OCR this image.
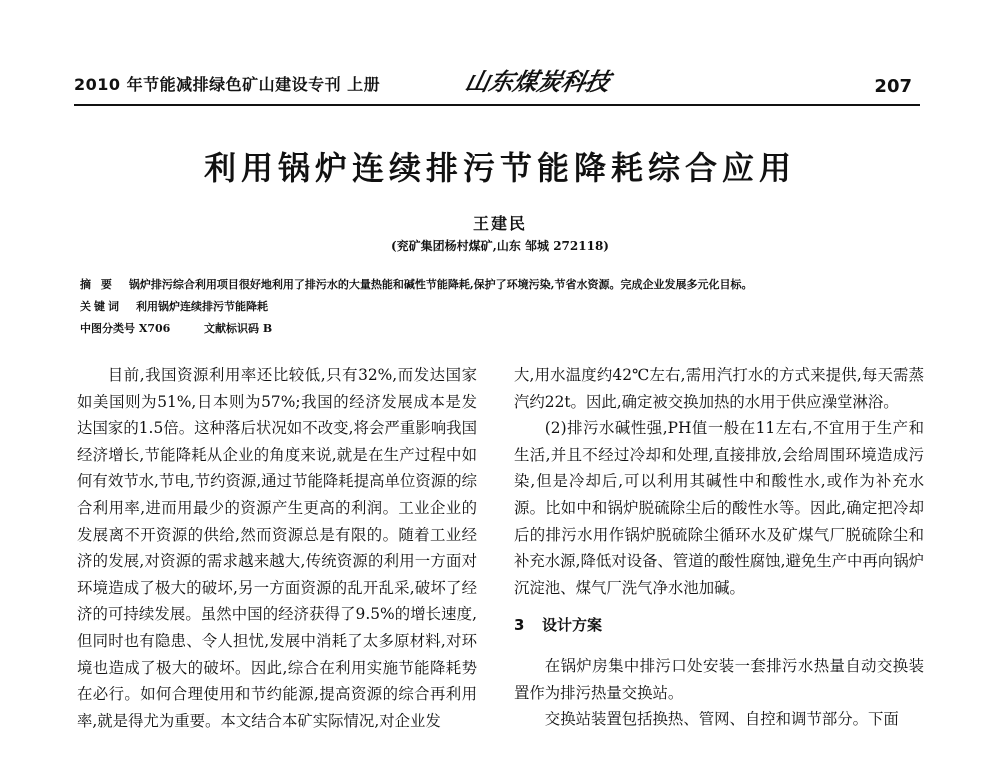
2010 年节能减排绿色矿山建设专刊 上册	山东煤炭科技	207
利用锅炉连续排污节能降耗综合应用
王建民
(兖矿集团杨村煤矿,山东 邹城 272118)
摘 要 锅炉排污综合利用项目很好地利用了排污水的大量热能和碱性节能降耗,保护了环境污染,节省水资源。完成企业发展多元化目标。
关键词 利用锅炉连续排污节能降耗
中图分类号 X706	文献标识码 B

目前,我国资源利用率还比较低,只有32%,而发达国家如美国则为51%,日本则为57%;我国的经济发展成本是发达国家的1.5倍。这种落后状况如不改变,将会严重影响我国经济增长,节能降耗从企业的角度来说,就是在生产过程中如何有效节水,节电,节约资源,通过节能降耗提高单位资源的综合利用率,进而用最少的资源产生更高的利润。工业企业的发展离不开资源的供给,然而资源总是有限的。随着工业经济的发展,对资源的需求越来越大,传统资源的利用一方面对环境造成了极大的破坏,另一方面资源的乱开乱采,破坏了经济的可持续发展。虽然中国的经济获得了9.5%的增长速度,但同时也有隐患、令人担忧,发展中消耗了太多原材料,对环境也造成了极大的破坏。因此,综合在利用实施节能降耗势在必行。如何合理使用和节约能源,提高资源的综合再利用率,就是得尤为重要。本文结合本矿实际情况,对企业发

大,用水温度约42℃左右,需用汽打水的方式来提供,每天需蒸汽约22t。因此,确定被交换加热的水用于供应澡堂淋浴。

(2)排污水碱性强,PH值一般在11左右,不宜用于生产和生活,并且不经过冷却和处理,直接排放,会给周围环境造成污染,但是冷却后,可以利用其碱性中和酸性水,或作为补充水源。比如中和锅炉脱硫除尘后的酸性水等。因此,确定把冷却后的排污水用作锅炉脱硫除尘循环水及矿煤气厂脱硫除尘和补充水源,降低对设备、管道的酸性腐蚀,避免生产中再向锅炉沉淀池、煤气厂洗气净水池加碱。

3 设计方案

在锅炉房集中排污口处安装一套排污水热量自动交换装置作为排污热量交换站。

交换站装置包括换热、管网、自控和调节部分。下面
